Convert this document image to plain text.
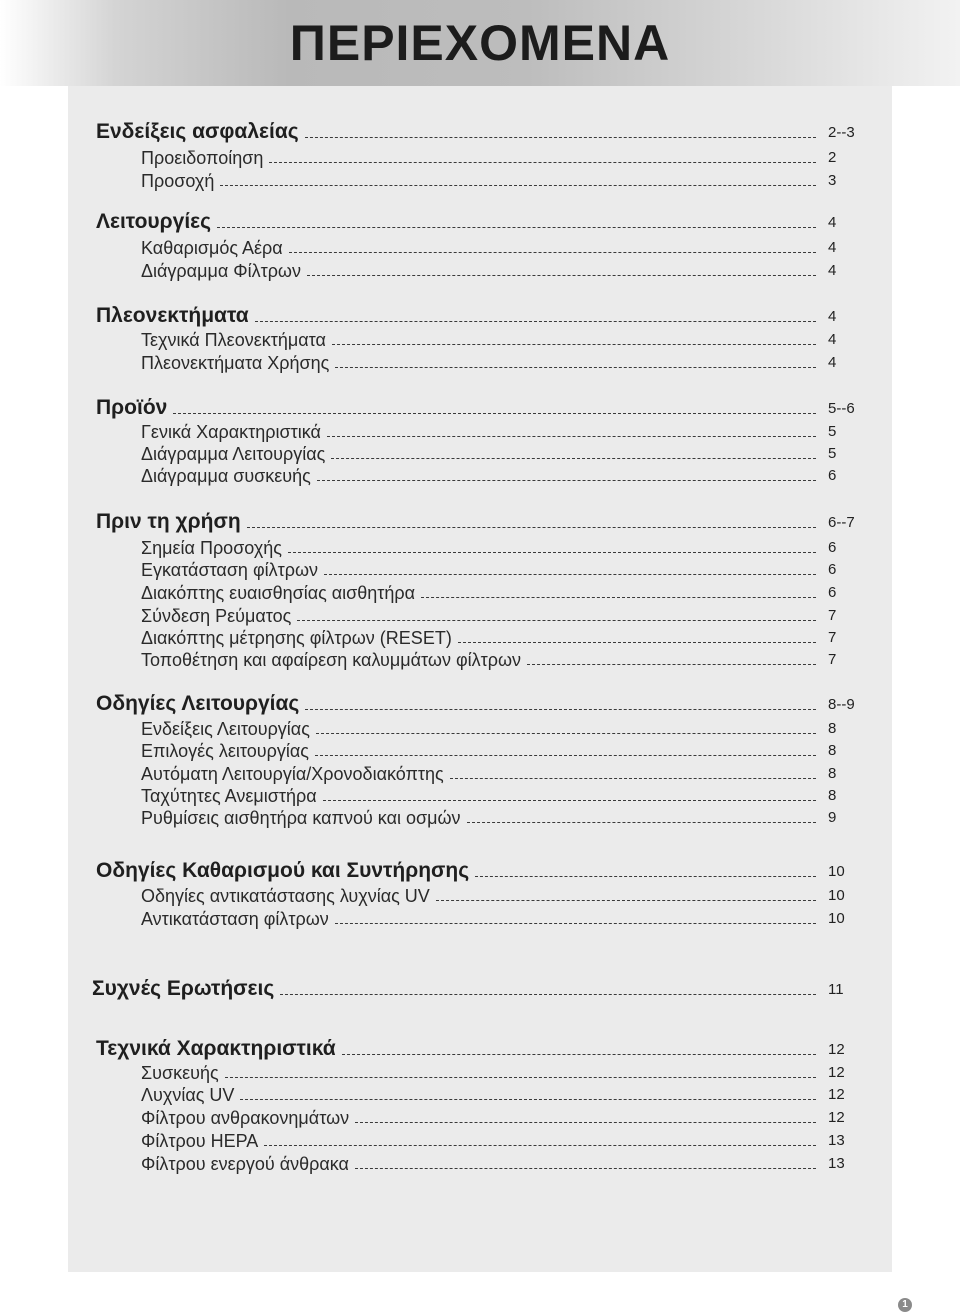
ΠΕΡΙΕΧΟΜΕΝΑ
Ενδείξεις ασφαλείας	2--3
Προειδοποίηση	2
Προσοχή	3
Λειτουργίες	4
Καθαρισμός Αέρα	4
Διάγραμμα Φίλτρων	4
Πλεονεκτήματα	4
Τεχνικά Πλεονεκτήματα	4
Πλεονεκτήματα Χρήσης	4
Προϊόν	5--6
Γενικά Χαρακτηριστικά	5
Διάγραμμα Λειτουργίας	5
Διάγραμμα συσκευής	6
Πριν τη χρήση	6--7
Σημεία Προσοχής	6
Εγκατάσταση φίλτρων	6
Διακόπτης ευαισθησίας αισθητήρα	6
Σύνδεση Ρεύματος	7
Διακόπτης μέτρησης φίλτρων (RESET)	7
Τοποθέτηση και αφαίρεση καλυμμάτων φίλτρων	7
Οδηγίες Λειτουργίας	8--9
Ενδείξεις Λειτουργίας	8
Επιλογές λειτουργίας	8
Αυτόματη Λειτουργία/Χρονοδιακόπτης	8
Ταχύτητες Ανεμιστήρα	8
Ρυθμίσεις αισθητήρα καπνού και οσμών	9
Οδηγίες Καθαρισμού και Συντήρησης	10
Οδηγίες αντικατάστασης λυχνίας UV	10
Αντικατάσταση φίλτρων	10
Συχνές Ερωτήσεις	11
Τεχνικά Χαρακτηριστικά	12
Συσκευής	12
Λυχνίας UV	12
Φίλτρου ανθρακονημάτων	12
Φίλτρου HEPA	13
Φίλτρου ενεργού άνθρακα	13
1
